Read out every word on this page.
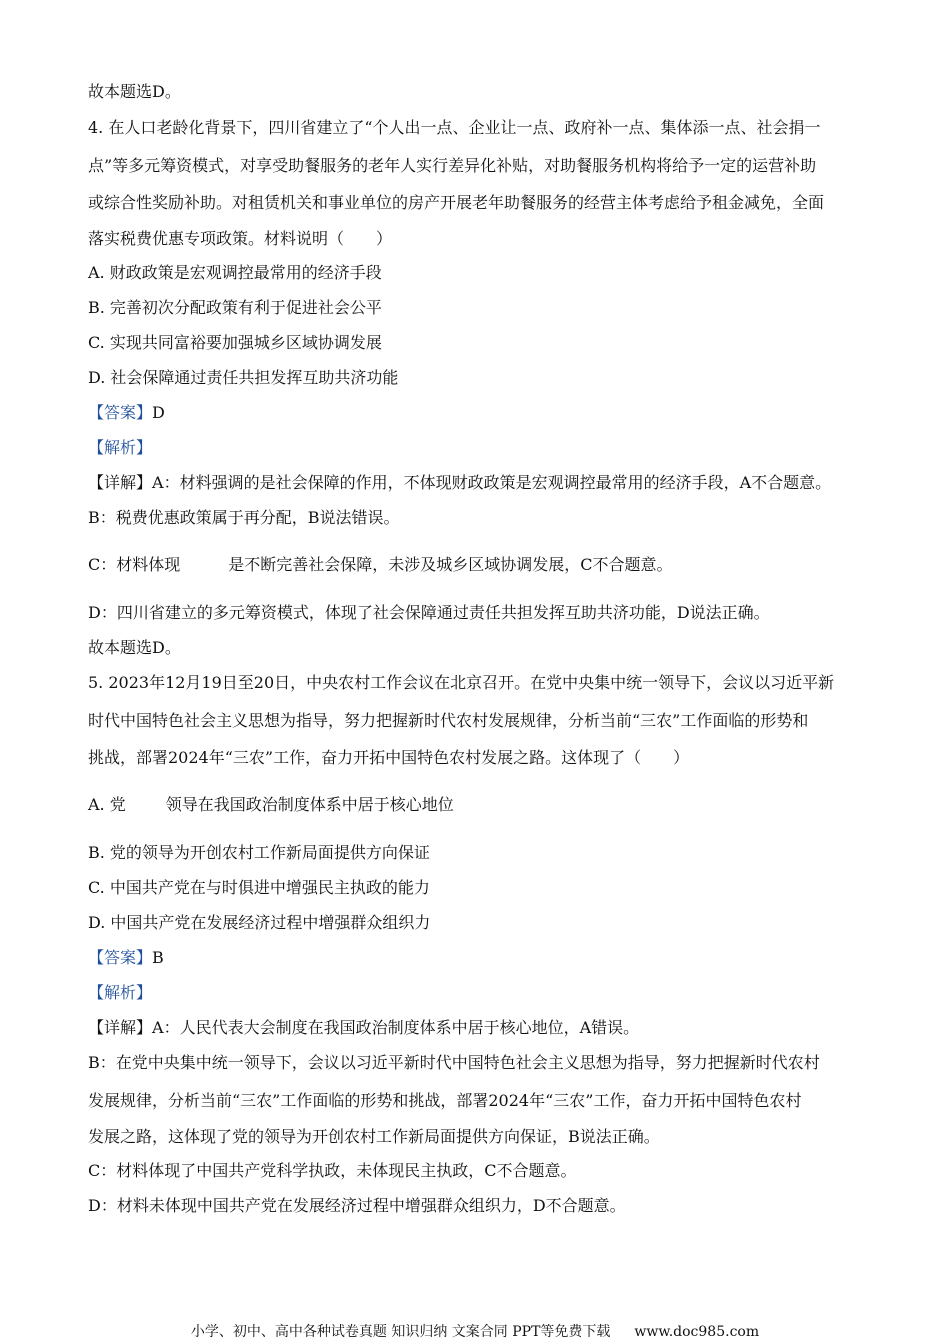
故本题选D。
4. 在人口老龄化背景下，四川省建立了“个人出一点、企业让一点、政府补一点、集体添一点、社会捐一
点”等多元筹资模式，对享受助餐服务的老年人实行差异化补贴，对助餐服务机构将给予一定的运营补助
或综合性奖励补助。对租赁机关和事业单位的房产开展老年助餐服务的经营主体考虑给予租金减免，全面
落实税费优惠专项政策。材料说明（　　）
A. 财政政策是宏观调控最常用的经济手段
B. 完善初次分配政策有利于促进社会公平
C. 实现共同富裕要加强城乡区域协调发展
D. 社会保障通过责任共担发挥互助共济功能
【答案】D
【解析】
【详解】A：材料强调的是社会保障的作用，不体现财政政策是宏观调控最常用的经济手段，A不合题意。
B：税费优惠政策属于再分配，B说法错误。
C：材料体现	是不断完善社会保障，未涉及城乡区域协调发展，C不合题意。
D：四川省建立的多元筹资模式，体现了社会保障通过责任共担发挥互助共济功能，D说法正确。
故本题选D。
5. 2023年12月19日至20日，中央农村工作会议在北京召开。在党中央集中统一领导下，会议以习近平新
时代中国特色社会主义思想为指导，努力把握新时代农村发展规律，分析当前“三农”工作面临的形势和
挑战，部署2024年“三农”工作，奋力开拓中国特色农村发展之路。这体现了（　　）
A. 党	领导在我国政治制度体系中居于核心地位
B. 党的领导为开创农村工作新局面提供方向保证
C. 中国共产党在与时俱进中增强民主执政的能力
D. 中国共产党在发展经济过程中增强群众组织力
【答案】B
【解析】
【详解】A：人民代表大会制度在我国政治制度体系中居于核心地位，A错误。
B：在党中央集中统一领导下，会议以习近平新时代中国特色社会主义思想为指导，努力把握新时代农村
发展规律，分析当前“三农”工作面临的形势和挑战，部署2024年“三农”工作，奋力开拓中国特色农村
发展之路，这体现了党的领导为开创农村工作新局面提供方向保证，B说法正确。
C：材料体现了中国共产党科学执政，未体现民主执政，C不合题意。
D：材料未体现中国共产党在发展经济过程中增强群众组织力，D不合题意。
小学、初中、高中各种试卷真题 知识归纳 文案合同 PPT等免费下载 www.doc985.com
